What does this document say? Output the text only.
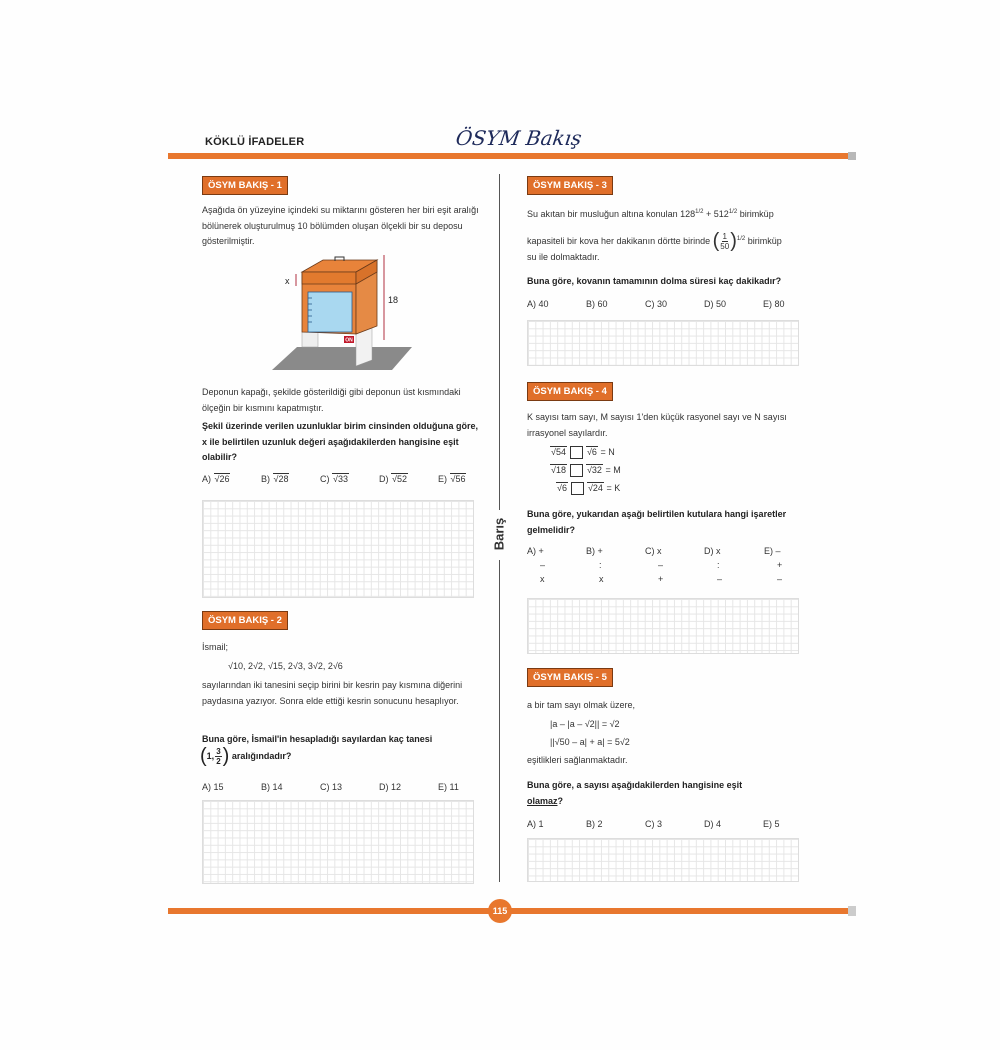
KÖKLÜ İFADELER	ÖSYM Bakış
Barış
ÖSYM BAKIŞ - 1
Aşağıda ön yüzeyine içindeki su miktarını gösteren her biri eşit aralığı bölünerek oluşturulmuş 10 bölümden oluşan ölçekli bir su deposu gösterilmiştir.
ON
x
18
Deponun kapağı, şekilde gösterildiği gibi deponun üst kısmındaki ölçeğin bir kısmını kapatmıştır.
Şekil üzerinde verilen uzunluklar birim cinsinden olduğuna göre, x ile belirtilen uzunluk değeri aşağıdakilerden hangisine eşit olabilir?
A) √ 26	B) √ 28	C) √ 33	D) √ 52	E) √ 56
ÖSYM BAKIŞ - 2
İsmail;
√10, 2√2, √15, 2√3, 3√2, 2√6
sayılarından iki tanesini seçip birini bir kesrin pay kısmına diğerini paydasına yazıyor. Sonra elde ettiği kesrin sonucunu hesaplıyor.
Buna göre, İsmail'in hesapladığı sayılardan kaç tanesi
( 1, $\frac{3}{2}$ )
aralığındadır?
A) 15	B) 14	C) 13	D) 12	E) 11
ÖSYM BAKIŞ - 3
Su akıtan bir musluğun altına konulan $128^{1/2} + 512^{1/2}$ birimküp
kapasiteli bir kova her dakikanın dörtte birinde
( $\frac{1}{50}$ ) 1/2
birimküp
su ile dolmaktadır.
Buna göre, kovanın tamamının dolma süresi kaç dakikadır?
A) 40	B) 60	C) 30	D) 50	E) 80
ÖSYM BAKIŞ - 4
K sayısı tam sayı, M sayısı 1'den küçük rasyonel sayı ve N sayısı irrasyonel sayılardır.
√ 54	√ 6 = N
√ 18	√ 32 = M
√ 6	√ 24 = K
Buna göre, yukarıdan aşağı belirtilen kutulara hangi işaretler gelmelidir?
A) +
–
x
B) +
:
x
C) x
–
+
D) x
:
–
E) –
+
–
ÖSYM BAKIŞ - 5
a bir tam sayı olmak üzere,
|a – |a – √2|| = √2
||√50 – a| + a| = 5√2
eşitlikleri sağlanmaktadır.
Buna göre, a sayısı aşağıdakilerden hangisine eşit
olamaz?
A) 1	B) 2	C) 3	D) 4	E) 5
115
